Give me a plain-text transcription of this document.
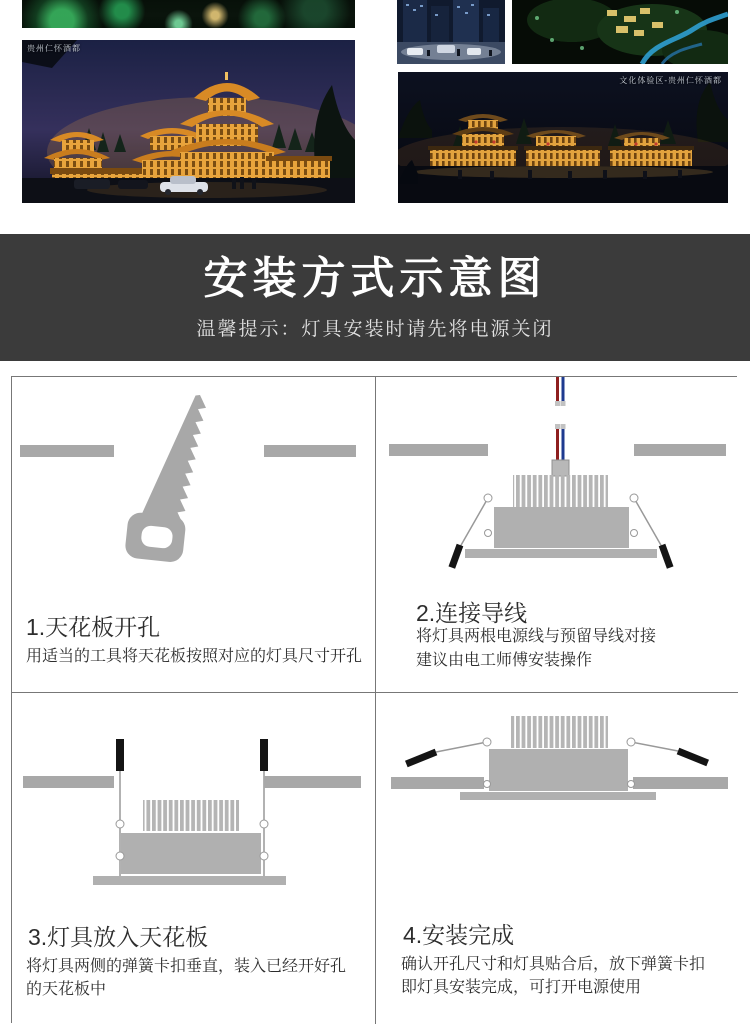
贵州仁怀酒都
文化体验区-贵州仁怀酒都
安装方式示意图
温馨提示：灯具安装时请先将电源关闭
1.天花板开孔
用适当的工具将天花板按照对应的灯具尺寸开孔
2.连接导线
将灯具两根电源线与预留导线对接
建议由电工师傅安装操作
3.灯具放入天花板
将灯具两侧的弹簧卡扣垂直，装入已经开好孔
的天花板中
4.安装完成
确认开孔尺寸和灯具贴合后，放下弹簧卡扣
即灯具安装完成，可打开电源使用
